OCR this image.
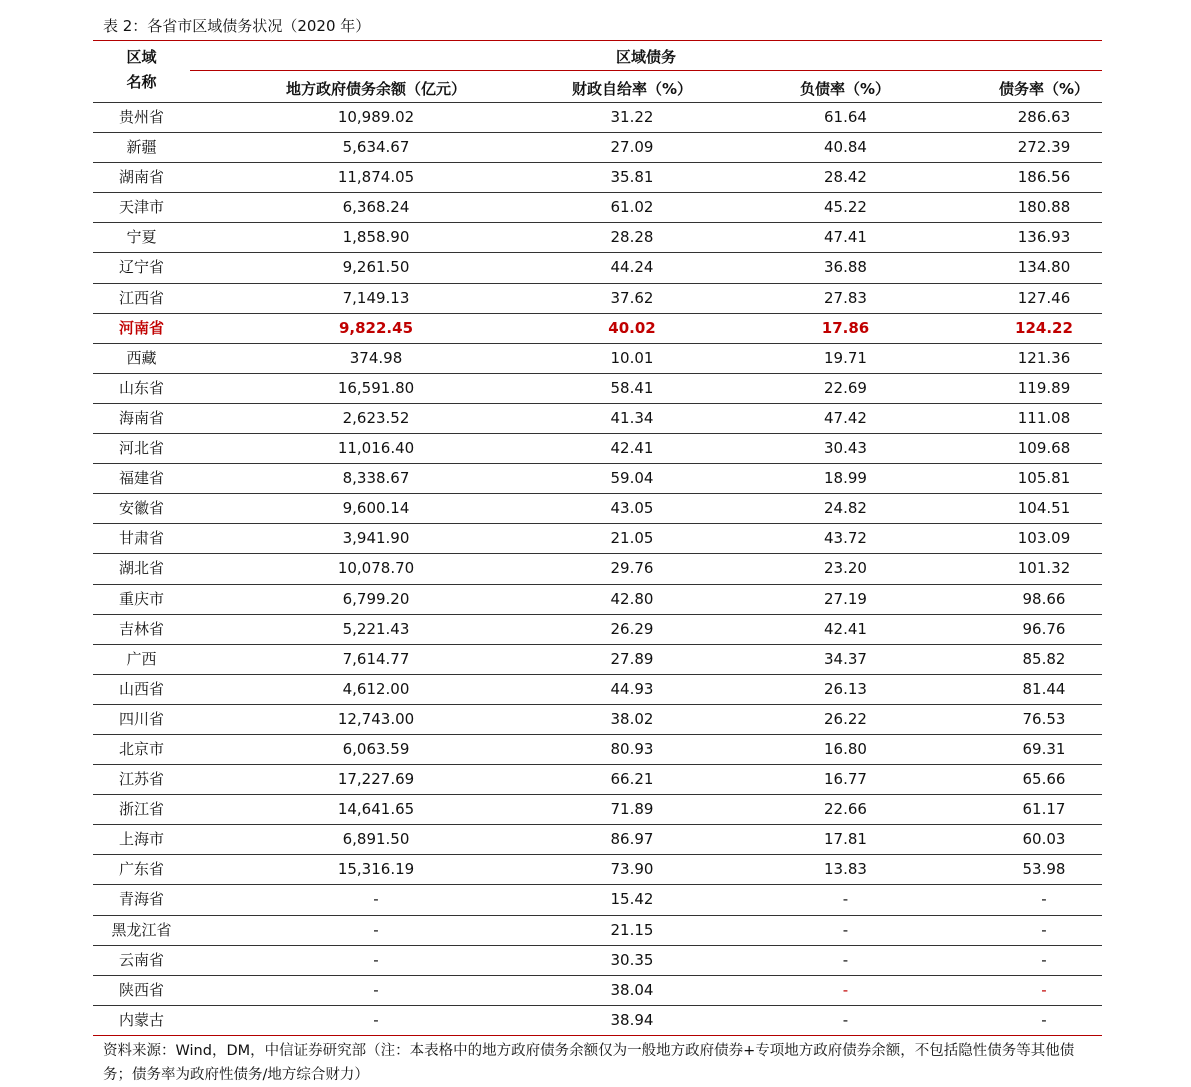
表 2：各省市区域债务状况（2020 年）
区域
名称
区域债务
地方政府债务余额（亿元）	财政自给率（%）	负债率（%）	债务率（%）
贵州省	10,989.02	31.22	61.64	286.63
新疆	5,634.67	27.09	40.84	272.39
湖南省	11,874.05	35.81	28.42	186.56
天津市	6,368.24	61.02	45.22	180.88
宁夏	1,858.90	28.28	47.41	136.93
辽宁省	9,261.50	44.24	36.88	134.80
江西省	7,149.13	37.62	27.83	127.46
河南省	9,822.45	40.02	17.86	124.22
西藏	374.98	10.01	19.71	121.36
山东省	16,591.80	58.41	22.69	119.89
海南省	2,623.52	41.34	47.42	111.08
河北省	11,016.40	42.41	30.43	109.68
福建省	8,338.67	59.04	18.99	105.81
安徽省	9,600.14	43.05	24.82	104.51
甘肃省	3,941.90	21.05	43.72	103.09
湖北省	10,078.70	29.76	23.20	101.32
重庆市	6,799.20	42.80	27.19	98.66
吉林省	5,221.43	26.29	42.41	96.76
广西	7,614.77	27.89	34.37	85.82
山西省	4,612.00	44.93	26.13	81.44
四川省	12,743.00	38.02	26.22	76.53
北京市	6,063.59	80.93	16.80	69.31
江苏省	17,227.69	66.21	16.77	65.66
浙江省	14,641.65	71.89	22.66	61.17
上海市	6,891.50	86.97	17.81	60.03
广东省	15,316.19	73.90	13.83	53.98
青海省	-	15.42	-	-
黑龙江省	-	21.15	-	-
云南省	-	30.35	-	-
陕西省	-	38.04	-	-
内蒙古	-	38.94	-	-
资料来源：Wind，DM，中信证券研究部（注：本表格中的地方政府债务余额仅为一般地方政府债券+专项地方政府债券余额，不包括隐性债务等其他债务；债务率为政府性债务/地方综合财力）
